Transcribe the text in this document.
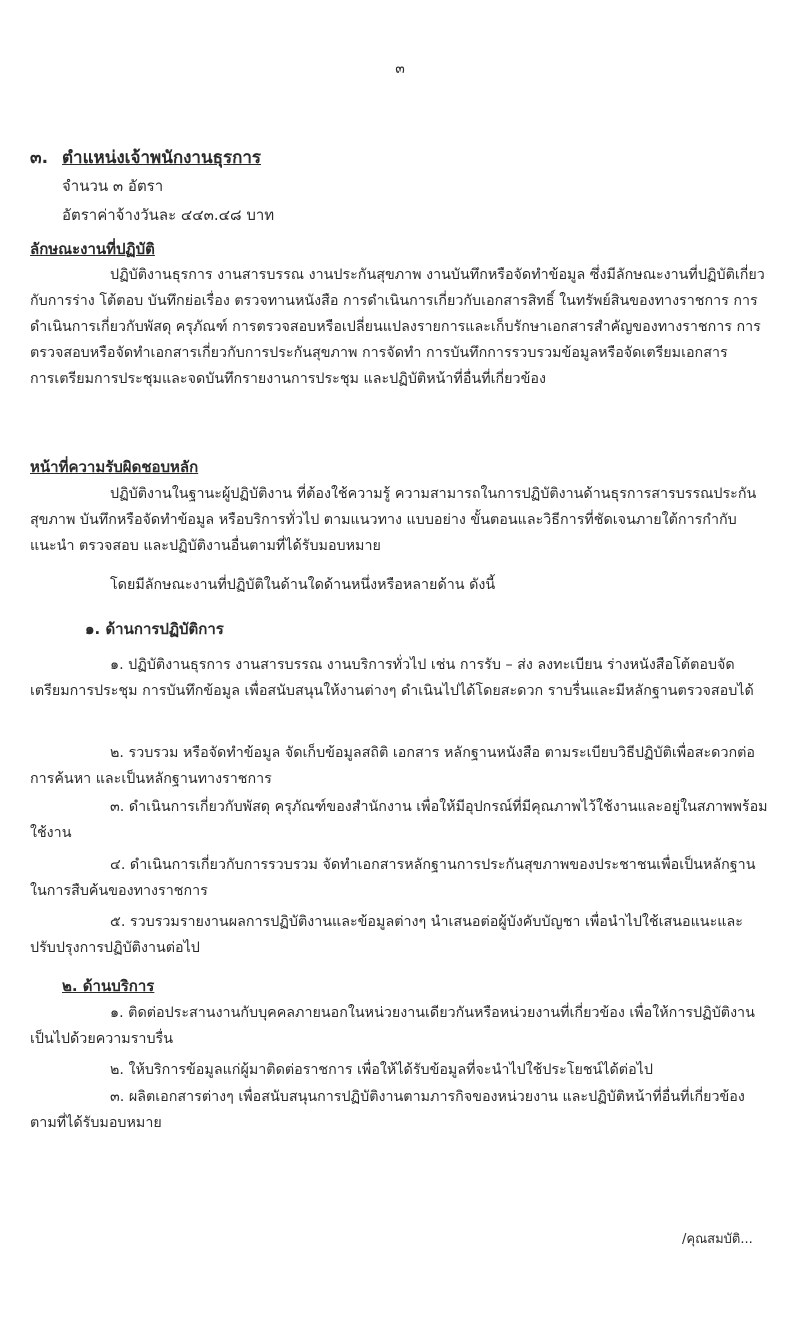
๓
๓. ตำแหน่งเจ้าพนักงานธุรการ
จำนวน ๓ อัตรา
อัตราค่าจ้างวันละ ๔๔๓.๔๘ บาท
ลักษณะงานที่ปฏิบัติ

ปฏิบัติงานธุรการ งานสารบรรณ งานประกันสุขภาพ งานบันทึกหรือจัดทำข้อมูล ซึ่งมีลักษณะงานที่ปฏิบัติเกี่ยวกับการร่าง โต้ตอบ บันทึกย่อเรื่อง ตรวจทานหนังสือ การดำเนินการเกี่ยวกับเอกสารสิทธิ์ ในทรัพย์สินของทางราชการ การดำเนินการเกี่ยวกับพัสดุ ครุภัณฑ์ การตรวจสอบหรือเปลี่ยนแปลงรายการและเก็บรักษาเอกสารสำคัญของทางราชการ การตรวจสอบหรือจัดทำเอกสารเกี่ยวกับการประกันสุขภาพ การจัดทำ การบันทึกการรวบรวมข้อมูลหรือจัดเตรียมเอกสาร การเตรียมการประชุมและจดบันทึกรายงานการประชุม และปฏิบัติหน้าที่อื่นที่เกี่ยวข้อง

หน้าที่ความรับผิดชอบหลัก

ปฏิบัติงานในฐานะผู้ปฏิบัติงาน ที่ต้องใช้ความรู้ ความสามารถในการปฏิบัติงานด้านธุรการสารบรรณประกันสุขภาพ บันทึกหรือจัดทำข้อมูล หรือบริการทั่วไป ตามแนวทาง แบบอย่าง ขั้นตอนและวิธีการที่ชัดเจนภายใต้การกำกับ แนะนำ ตรวจสอบ และปฏิบัติงานอื่นตามที่ได้รับมอบหมาย

โดยมีลักษณะงานที่ปฏิบัติในด้านใดด้านหนึ่งหรือหลายด้าน ดังนี้

๑. ด้านการปฏิบัติการ

๑. ปฏิบัติงานธุรการ งานสารบรรณ งานบริการทั่วไป เช่น การรับ – ส่ง ลงทะเบียน ร่างหนังสือโต้ตอบจัดเตรียมการประชุม การบันทึกข้อมูล เพื่อสนับสนุนให้งานต่างๆ ดำเนินไปได้โดยสะดวก ราบรื่นและมีหลักฐานตรวจสอบได้

๒. รวบรวม หรือจัดทำข้อมูล จัดเก็บข้อมูลสถิติ เอกสาร หลักฐานหนังสือ ตามระเบียบวิธีปฏิบัติเพื่อสะดวกต่อการค้นหา และเป็นหลักฐานทางราชการ

๓. ดำเนินการเกี่ยวกับพัสดุ ครุภัณฑ์ของสำนักงาน เพื่อให้มีอุปกรณ์ที่มีคุณภาพไว้ใช้งานและอยู่ในสภาพพร้อมใช้งาน

๔. ดำเนินการเกี่ยวกับการรวบรวม จัดทำเอกสารหลักฐานการประกันสุขภาพของประชาชนเพื่อเป็นหลักฐานในการสืบค้นของทางราชการ

๕. รวบรวมรายงานผลการปฏิบัติงานและข้อมูลต่างๆ นำเสนอต่อผู้บังคับบัญชา เพื่อนำไปใช้เสนอแนะและปรับปรุงการปฏิบัติงานต่อไป

๒. ด้านบริการ

๑. ติดต่อประสานงานกับบุคคลภายนอกในหน่วยงานเดียวกันหรือหน่วยงานที่เกี่ยวข้อง เพื่อให้การปฏิบัติงานเป็นไปด้วยความราบรื่น

๒. ให้บริการข้อมูลแก่ผู้มาติดต่อราชการ เพื่อให้ได้รับข้อมูลที่จะนำไปใช้ประโยชน์ได้ต่อไป

๓. ผลิตเอกสารต่างๆ เพื่อสนับสนุนการปฏิบัติงานตามภารกิจของหน่วยงาน และปฏิบัติหน้าที่อื่นที่เกี่ยวข้องตามที่ได้รับมอบหมาย

/คุณสมบัติ...
